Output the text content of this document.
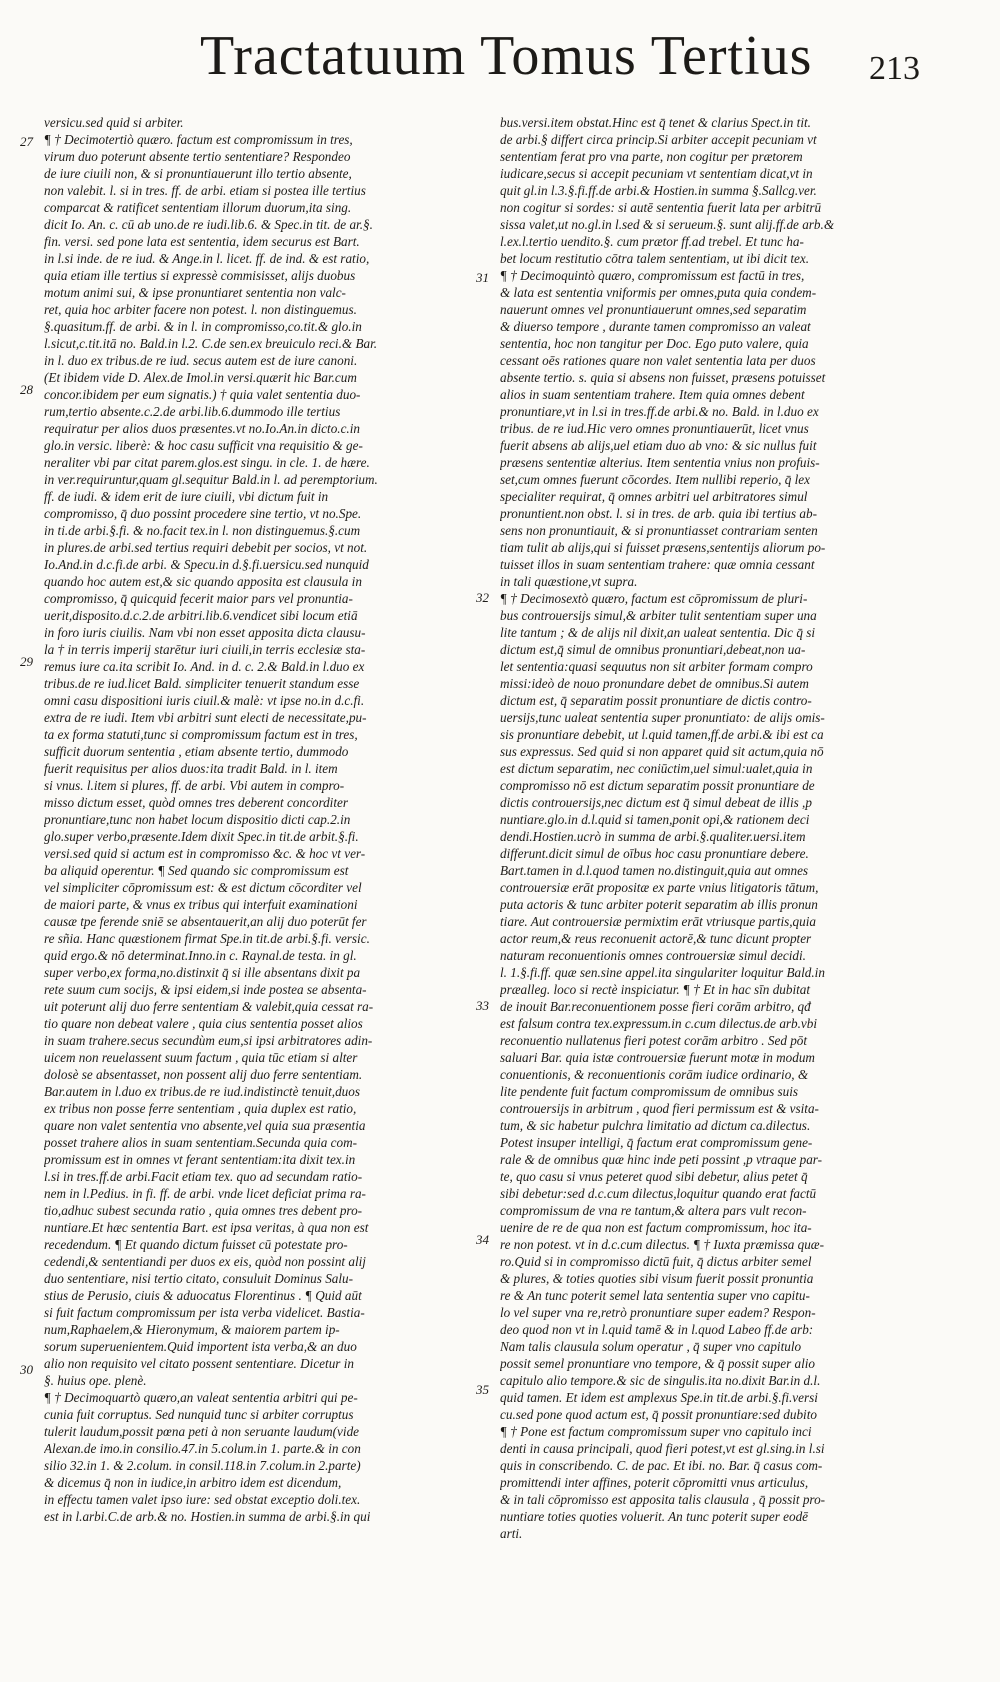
Tractatuum Tomus Tertius 213
27
28
29
30
31
32
33
34
35
versicu.sed quid si arbiter.
¶ † Decimotertiò quæro. factum est compromissum in tres,
virum duo poterunt absente tertio sententiare? Respondeo
de iure ciuili non, & si pronuntiauerunt illo tertio absente,
non valebit. l. si in tres. ff. de arbi. etiam si postea ille tertius
comparcat & ratificet sententiam illorum duorum,ita sing.
dicit Io. An. c. cū ab uno.de re iudi.lib.6. & Spec.in tit. de ar.§.
fin. versi. sed pone lata est sententia, idem securus est Bart.
in l.si inde. de re iud. & Ange.in l. licet. ff. de ind. & est ratio,
quia etiam ille tertius si expressè commisisset, alijs duobus
motum animi sui, & ipse pronuntiaret sententia non valc-
ret, quia hoc arbiter facere non potest. l. non distinguemus.
§.quasitum.ff. de arbi. & in l. in compromisso,co.tit.& glo.in
l.sicut,c.tit.itā no. Bald.in l.2. C.de sen.ex breuiculo reci.& Bar.
in l. duo ex tribus.de re iud. secus autem est de iure canoni.
(Et ibidem vide D. Alex.de Imol.in versi.quærit hic Bar.cum
concor.ibidem per eum signatis.) † quia valet sententia duo-
rum,tertio absente.c.2.de arbi.lib.6.dummodo ille tertius
requiratur per alios duos præsentes.vt no.Io.An.in dicto.c.in
glo.in versic. liberè: & hoc casu sufficit vna requisitio & ge-
neraliter vbi par citat parem.glos.est singu. in cle. 1. de hære.
in ver.requiruntur,quam gl.sequitur Bald.in l. ad peremptorium.
ff. de iudi. & idem erit de iure ciuili, vbi dictum fuit in
compromisso, q̄ duo possint procedere sine tertio, vt no.Spe.
in ti.de arbi.§.fi. & no.facit tex.in l. non distinguemus.§.cum
in plures.de arbi.sed tertius requiri debebit per socios, vt not.
Io.And.in d.c.fi.de arbi. & Specu.in d.§.fi.uersicu.sed nunquid
quando hoc autem est,& sic quando apposita est clausula in
compromisso, q̄ quicquid fecerit maior pars vel pronuntia-
uerit,disposito.d.c.2.de arbitri.lib.6.vendicet sibi locum etiā
in foro iuris ciuilis. Nam vbi non esset apposita dicta clausu-
la † in terris imperij starētur iuri ciuili,in terris ecclesiæ sta-
remus iure ca.ita scribit Io. And. in d. c. 2.& Bald.in l.duo ex
tribus.de re iud.licet Bald. simpliciter tenuerit standum esse
omni casu dispositioni iuris ciuil.& malè: vt ipse no.in d.c.fi.
extra de re iudi. Item vbi arbitri sunt electi de necessitate,pu-
ta ex forma statuti,tunc si compromissum factum est in tres,
sufficit duorum sententia , etiam absente tertio, dummodo
fuerit requisitus per alios duos:ita tradit Bald. in l. item
si vnus. l.item si plures, ff. de arbi. Vbi autem in compro-
misso dictum esset, quòd omnes tres deberent concorditer
pronuntiare,tunc non habet locum dispositio dicti cap.2.in
glo.super verbo,præsente.Idem dixit Spec.in tit.de arbit.§.fi.
versi.sed quid si actum est in compromisso &c. & hoc vt ver-
ba aliquid operentur. ¶ Sed quando sic compromissum est
vel simpliciter cōpromissum est: & est dictum cōcorditer vel
de maiori parte, & vnus ex tribus qui interfuit examinationi
causæ tpe ferende sniē se absentauerit,an alij duo poterūt fer
re sñia. Hanc quæstionem firmat Spe.in tit.de arbi.§.fi. versic.
quid ergo.& nō determinat.Inno.in c. Raynal.de testa. in gl.
super verbo,ex forma,no.distinxit q̄ si ille absentans dixit pa
rete suum cum socijs, & ipsi eidem,si inde postea se absenta-
uit poterunt alij duo ferre sententiam & valebit,quia cessat ra-
tio quare non debeat valere , quia cius sententia posset alios
in suam trahere.secus secundùm eum,si ipsi arbitratores adin-
uicem non reuelassent suum factum , quia tūc etiam si alter
dolosè se absentasset, non possent alij duo ferre sententiam.
Bar.autem in l.duo ex tribus.de re iud.indistinctè tenuit,duos
ex tribus non posse ferre sententiam , quia duplex est ratio,
quare non valet sententia vno absente,vel quia sua præsentia
posset trahere alios in suam sententiam.Secunda quia com-
promissum est in omnes vt ferant sententiam:ita dixit tex.in
l.si in tres.ff.de arbi.Facit etiam tex. quo ad secundam ratio-
nem in l.Pedius. in fi. ff. de arbi. vnde licet deficiat prima ra-
tio,adhuc subest secunda ratio , quia omnes tres debent pro-
nuntiare.Et hæc sententia Bart. est ipsa veritas, à qua non est
recedendum. ¶ Et quando dictum fuisset cū potestate pro-
cedendi,& sententiandi per duos ex eis, quòd non possint alij
duo sententiare, nisi tertio citato, consuluit Dominus Salu-
stius de Perusio, ciuis & aduocatus Florentinus . ¶ Quid aūt
si fuit factum compromissum per ista verba videlicet. Bastia-
num,Raphaelem,& Hieronymum, & maiorem partem ip-
sorum superuenientem.Quid importent ista verba,& an duo
alio non requisito vel citato possent sententiare. Dicetur in
§. huius ope. plenè.
¶ † Decimoquartò quæro,an valeat sententia arbitri qui pe-
cunia fuit corruptus. Sed nunquid tunc si arbiter corruptus
tulerit laudum,possit pœna peti à non seruante laudum(vide
Alexan.de imo.in consilio.47.in 5.colum.in 1. parte.& in con
silio 32.in 1. & 2.colum. in consil.118.in 7.colum.in 2.parte)
& dicemus q̄ non in iudice,in arbitro idem est dicendum,
in effectu tamen valet ipso iure: sed obstat exceptio doli.tex.
est in l.arbi.C.de arb.& no. Hostien.in summa de arbi.§.in qui
bus.versi.item obstat.Hinc est q̄ tenet & clarius Spect.in tit.
de arbi.§ differt circa princip.Si arbiter accepit pecuniam vt
sententiam ferat pro vna parte, non cogitur per prætorem
iudicare,secus si accepit pecuniam vt sententiam dicat,vt in
quit gl.in l.3.§.fi.ff.de arbi.& Hostien.in summa §.Sallcg.ver.
non cogitur si sordes: si autē sententia fuerit lata per arbitrū
sissa valet,ut no.gl.in l.sed & si serueum.§. sunt alij.ff.de arb.&
l.ex.l.tertio uendito.§. cum prætor ff.ad trebel. Et tunc ha-
bet locum restitutio cōtra talem sententiam, ut ibi dicit tex.
¶ † Decimoquintò quæro, compromissum est factū in tres,
& lata est sententia vniformis per omnes,puta quia condem-
nauerunt omnes vel pronuntiauerunt omnes,sed separatim
& diuerso tempore , durante tamen compromisso an valeat
sententia, hoc non tangitur per Doc. Ego puto valere, quia
cessant oēs rationes quare non valet sententia lata per duos
absente tertio. s. quia si absens non fuisset, præsens potuisset
alios in suam sententiam trahere. Item quia omnes debent
pronuntiare,vt in l.si in tres.ff.de arbi.& no. Bald. in l.duo ex
tribus. de re iud.Hic vero omnes pronuntiauerūt, licet vnus
fuerit absens ab alijs,uel etiam duo ab vno: & sic nullus fuit
præsens sententiæ alterius. Item sententia vnius non profuis-
set,cum omnes fuerunt cōcordes. Item nullibi reperio, q̄ lex
specialiter requirat, q̄ omnes arbitri uel arbitratores simul
pronuntient.non obst. l. si in tres. de arb. quia ibi tertius ab-
sens non pronuntiauit, & si pronuntiasset contrariam senten
tiam tulit ab alijs,qui si fuisset præsens,sententijs aliorum po-
tuisset illos in suam sententiam trahere: quæ omnia cessant
in tali quæstione,vt supra.
¶ † Decimosextò quæro, factum est cōpromissum de pluri-
bus controuersijs simul,& arbiter tulit sententiam super una
lite tantum ; & de alijs nil dixit,an ualeat sententia. Dic q̄ si
dictum est,q̄ simul de omnibus pronuntiari,debeat,non ua-
let sententia:quasi sequutus non sit arbiter formam compro
missi:ideò de nouo pronundare debet de omnibus.Si autem
dictum est, q̄ separatim possit pronuntiare de dictis contro-
uersijs,tunc ualeat sententia super pronuntiato: de alijs omis-
sis pronuntiare debebit, ut l.quid tamen,ff.de arbi.& ibi est ca
sus expressus. Sed quid si non apparet quid sit actum,quia nō
est dictum separatim, nec coniūctim,uel simul:ualet,quia in
compromisso nō est dictum separatim possit pronuntiare de
dictis controuersijs,nec dictum est q̄ simul debeat de illis ,p
nuntiare.glo.in d.l.quid si tamen,ponit opi,& rationem deci
dendi.Hostien.ucrò in summa de arbi.§.qualiter.uersi.item
differunt.dicit simul de oībus hoc casu pronuntiare debere.
Bart.tamen in d.l.quod tamen no.distinguit,quia aut omnes
controuersiæ erāt propositæ ex parte vnius litigatoris tātum,
puta actoris & tunc arbiter poterit separatim ab illis pronun
tiare. Aut controuersiæ permixtim erāt vtriusque partis,quia
actor reum,& reus reconuenit actorē,& tunc dicunt propter
naturam reconuentionis omnes controuersiæ simul decidi.
l. 1.§.fi.ff. quæ sen.sine appel.ita singulariter loquitur Bald.in
præalleg. loco si rectè inspiciatur. ¶ † Et in hac sīn dubitat
de inouit Bar.reconuentionem posse fieri corām arbitro, qđ
est falsum contra tex.expressum.in c.cum dilectus.de arb.vbi
reconuentio nullatenus fieri potest corām arbitro . Sed pōt
saluari Bar. quia istæ controuersiæ fuerunt motæ in modum
conuentionis, & reconuentionis corām iudice ordinario, &
lite pendente fuit factum compromissum de omnibus suis
controuersijs in arbitrum , quod fieri permissum est & vsita-
tum, & sic habetur pulchra limitatio ad dictum ca.dilectus.
Potest insuper intelligi, q̄ factum erat compromissum gene-
rale & de omnibus quæ hinc inde peti possint ,p vtraque par-
te, quo casu si vnus peteret quod sibi debetur, alius petet q̄
sibi debetur:sed d.c.cum dilectus,loquitur quando erat factū
compromissum de vna re tantum,& altera pars vult recon-
uenire de re de qua non est factum compromissum, hoc ita-
re non potest. vt in d.c.cum dilectus. ¶ † Iuxta præmissa quæ-
ro.Quid si in compromisso dictū fuit, q̄ dictus arbiter semel
& plures, & toties quoties sibi visum fuerit possit pronuntia
re & An tunc poterit semel lata sententia super vno capitu-
lo vel super vna re,retrò pronuntiare super eadem? Respon-
deo quod non vt in l.quid tamē & in l.quod Labeo ff.de arb:
Nam talis clausula solum operatur , q̄ super vno capitulo
possit semel pronuntiare vno tempore, & q̄ possit super alio
capitulo alio tempore.& sic de singulis.ita no.dixit Bar.in d.l.
quid tamen. Et idem est amplexus Spe.in tit.de arbi.§.fi.versi
cu.sed pone quod actum est, q̄ possit pronuntiare:sed dubito
¶ † Pone est factum compromissum super vno capitulo inci
denti in causa principali, quod fieri potest,vt est gl.sing.in l.si
quis in conscribendo. C. de pac. Et ibi. no. Bar. q̄ casus com-
promittendi inter affines, poterit cōpromitti vnus articulus,
& in tali cōpromisso est apposita talis clausula , q̄ possit pro-
nuntiare toties quoties voluerit. An tunc poterit super eodē
arti.
